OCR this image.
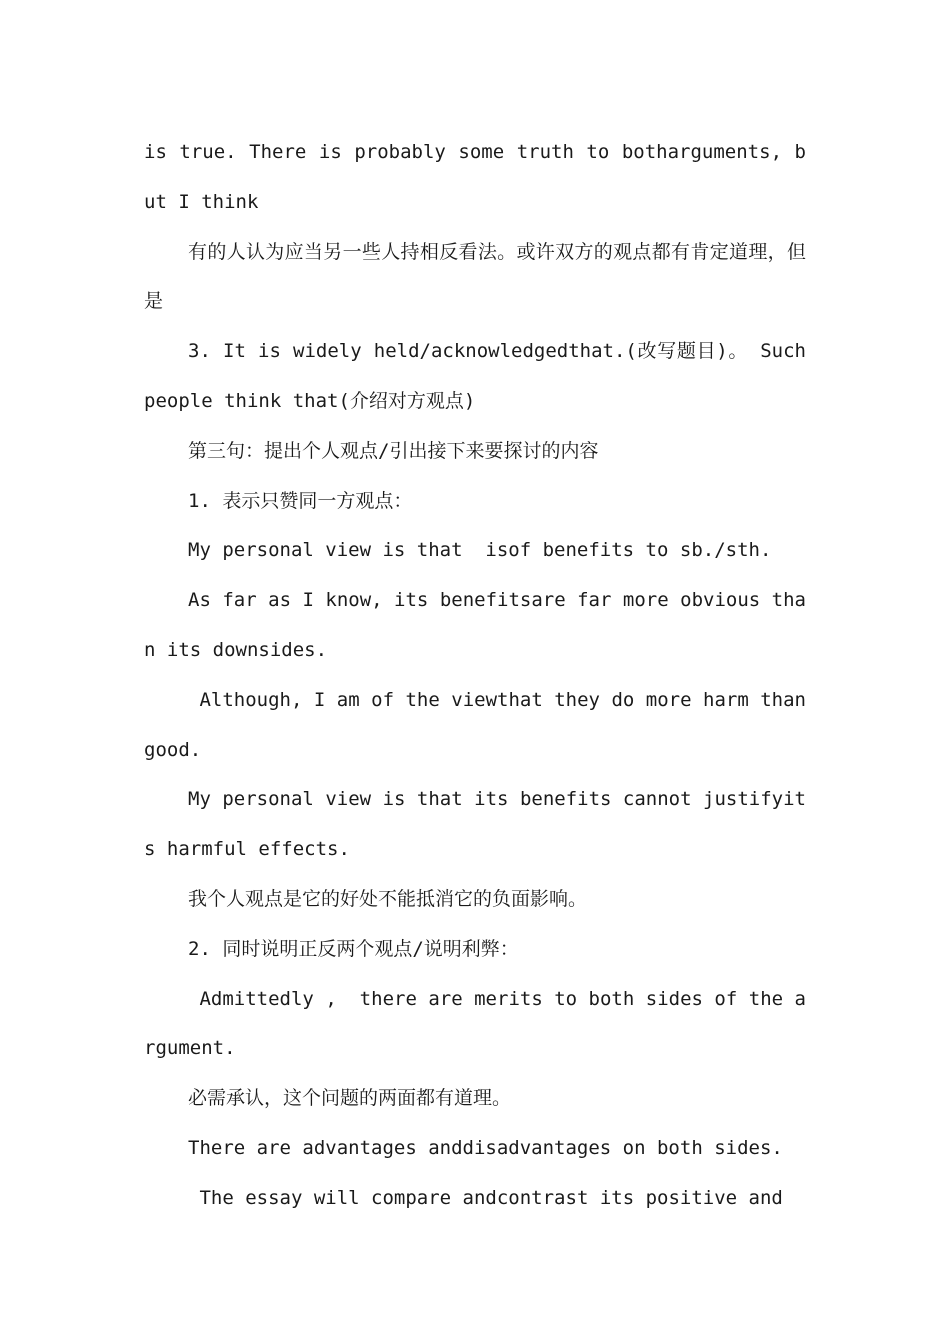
is true. There is probably some truth to botharguments, but I think

有的人认为应当另一些人持相反看法。或许双方的观点都有肯定道理，但是

3. It is widely held/acknowledgedthat.(改写题目)。 Such people think that(介绍对方观点)

第三句：提出个人观点/引出接下来要探讨的内容

1. 表示只赞同一方观点：

My personal view is that  isof benefits to sb./sth.

As far as I know, its benefitsare far more obvious than its downsides.

Although, I am of the viewthat they do more harm than good.

My personal view is that its benefits cannot justifyits harmful effects.

我个人观点是它的好处不能抵消它的负面影响。

2. 同时说明正反两个观点/说明利弊：

Admittedly ,  there are merits to both sides of the argument.

必需承认，这个问题的两面都有道理。

There are advantages anddisadvantages on both sides.

The essay will compare andcontrast its positive and
